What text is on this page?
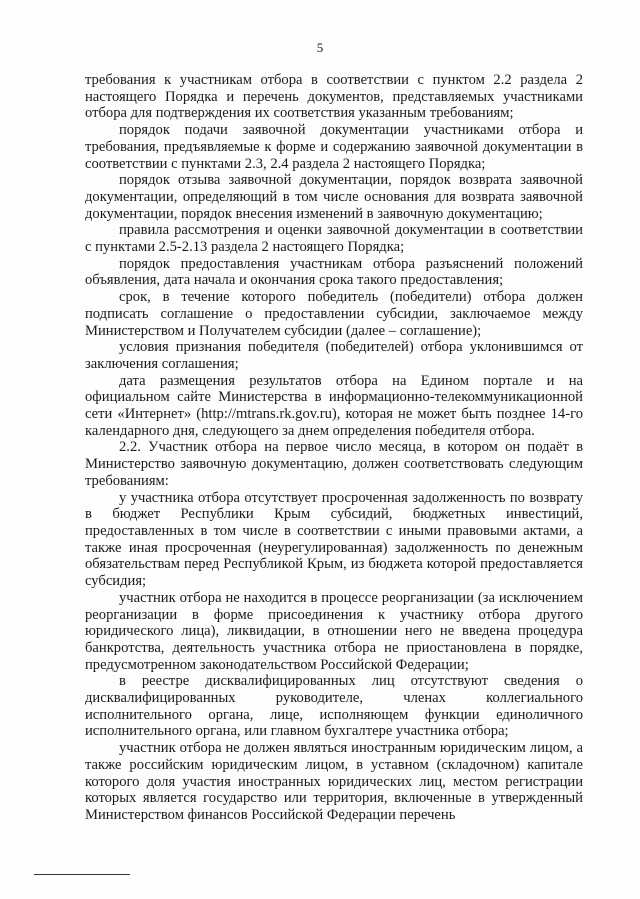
5

требования к участникам отбора в соответствии с пунктом 2.2 раздела 2 настоящего Порядка и перечень документов, представляемых участниками отбора для подтверждения их соответствия указанным требованиям;

порядок подачи заявочной документации участниками отбора и требования, предъявляемые к форме и содержанию заявочной документации в соответствии с пунктами 2.3, 2.4 раздела 2 настоящего Порядка;

порядок отзыва заявочной документации, порядок возврата заявочной документации, определяющий в том числе основания для возврата заявочной документации, порядок внесения изменений в заявочную документацию;

правила рассмотрения и оценки заявочной документации в соответствии с пунктами 2.5-2.13 раздела 2 настоящего Порядка;

порядок предоставления участникам отбора разъяснений положений объявления, дата начала и окончания срока такого предоставления;

срок, в течение которого победитель (победители) отбора должен подписать соглашение о предоставлении субсидии, заключаемое между Министерством и Получателем субсидии (далее – соглашение);

условия признания победителя (победителей) отбора уклонившимся от заключения соглашения;

дата размещения результатов отбора на Едином портале и на официальном сайте Министерства в информационно-телекоммуникационной сети «Интернет» (http://mtrans.rk.gov.ru), которая не может быть позднее 14-го календарного дня, следующего за днем определения победителя отбора.

2.2. Участник отбора на первое число месяца, в котором он подаёт в Министерство заявочную документацию, должен соответствовать следующим требованиям:

у участника отбора отсутствует просроченная задолженность по возврату в бюджет Республики Крым субсидий, бюджетных инвестиций, предоставленных в том числе в соответствии с иными правовыми актами, а также иная просроченная (неурегулированная) задолженность по денежным обязательствам перед Республикой Крым, из бюджета которой предоставляется субсидия;

участник отбора не находится в процессе реорганизации (за исключением реорганизации в форме присоединения к участнику отбора другого юридического лица), ликвидации, в отношении него не введена процедура банкротства, деятельность участника отбора не приостановлена в порядке, предусмотренном законодательством Российской Федерации;

в реестре дисквалифицированных лиц отсутствуют сведения о дисквалифицированных руководителе, членах коллегиального исполнительного органа, лице, исполняющем функции единоличного исполнительного органа, или главном бухгалтере участника отбора;

участник отбора не должен являться иностранным юридическим лицом, а также российским юридическим лицом, в уставном (складочном) капитале которого доля участия иностранных юридических лиц, местом регистрации которых является государство или территория, включенные в утвержденный Министерством финансов Российской Федерации перечень
